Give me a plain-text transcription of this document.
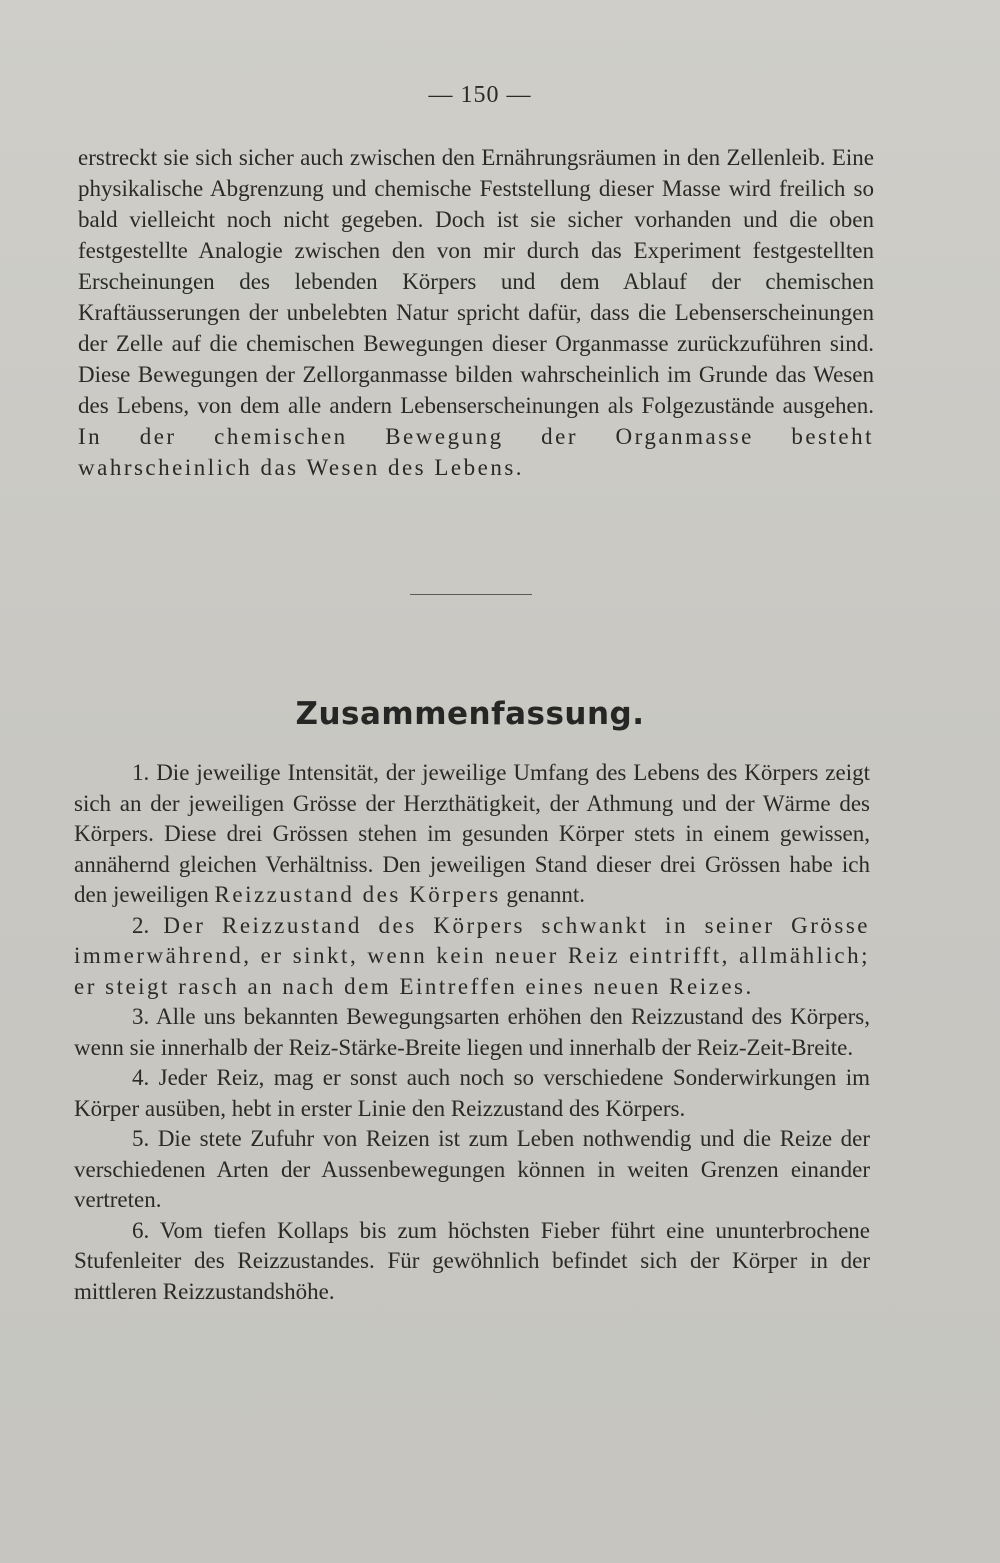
— 150 —

erstreckt sie sich sicher auch zwischen den Ernährungsräumen in den Zellenleib. Eine physikalische Abgrenzung und chemische Feststellung dieser Masse wird freilich so bald vielleicht noch nicht gegeben. Doch ist sie sicher vorhanden und die oben festgestellte Analogie zwischen den von mir durch das Experiment festgestellten Erscheinungen des lebenden Körpers und dem Ablauf der chemischen Kraftäusserungen der unbelebten Natur spricht dafür, dass die Lebenserscheinungen der Zelle auf die chemischen Bewegungen dieser Organmasse zurückzuführen sind. Diese Bewegungen der Zellorganmasse bilden wahrscheinlich im Grunde das Wesen des Lebens, von dem alle andern Lebenserscheinungen als Folgezustände ausgehen. In der chemischen Bewegung der Organmasse besteht wahrscheinlich das Wesen des Lebens.

Zusammenfassung.

1. Die jeweilige Intensität, der jeweilige Umfang des Lebens des Körpers zeigt sich an der jeweiligen Grösse der Herzthätigkeit, der Athmung und der Wärme des Körpers. Diese drei Grössen stehen im gesunden Körper stets in einem gewissen, annähernd gleichen Verhältniss. Den jeweiligen Stand dieser drei Grössen habe ich den jeweiligen Reizzustand des Körpers genannt.

2. Der Reizzustand des Körpers schwankt in seiner Grösse immerwährend, er sinkt, wenn kein neuer Reiz eintrifft, allmählich; er steigt rasch an nach dem Eintreffen eines neuen Reizes.

3. Alle uns bekannten Bewegungsarten erhöhen den Reizzustand des Körpers, wenn sie innerhalb der Reiz-Stärke-Breite liegen und innerhalb der Reiz-Zeit-Breite.

4. Jeder Reiz, mag er sonst auch noch so verschiedene Sonderwirkungen im Körper ausüben, hebt in erster Linie den Reizzustand des Körpers.

5. Die stete Zufuhr von Reizen ist zum Leben nothwendig und die Reize der verschiedenen Arten der Aussenbewegungen können in weiten Grenzen einander vertreten.

6. Vom tiefen Kollaps bis zum höchsten Fieber führt eine ununterbrochene Stufenleiter des Reizzustandes. Für gewöhnlich befindet sich der Körper in der mittleren Reizzustandshöhe.
